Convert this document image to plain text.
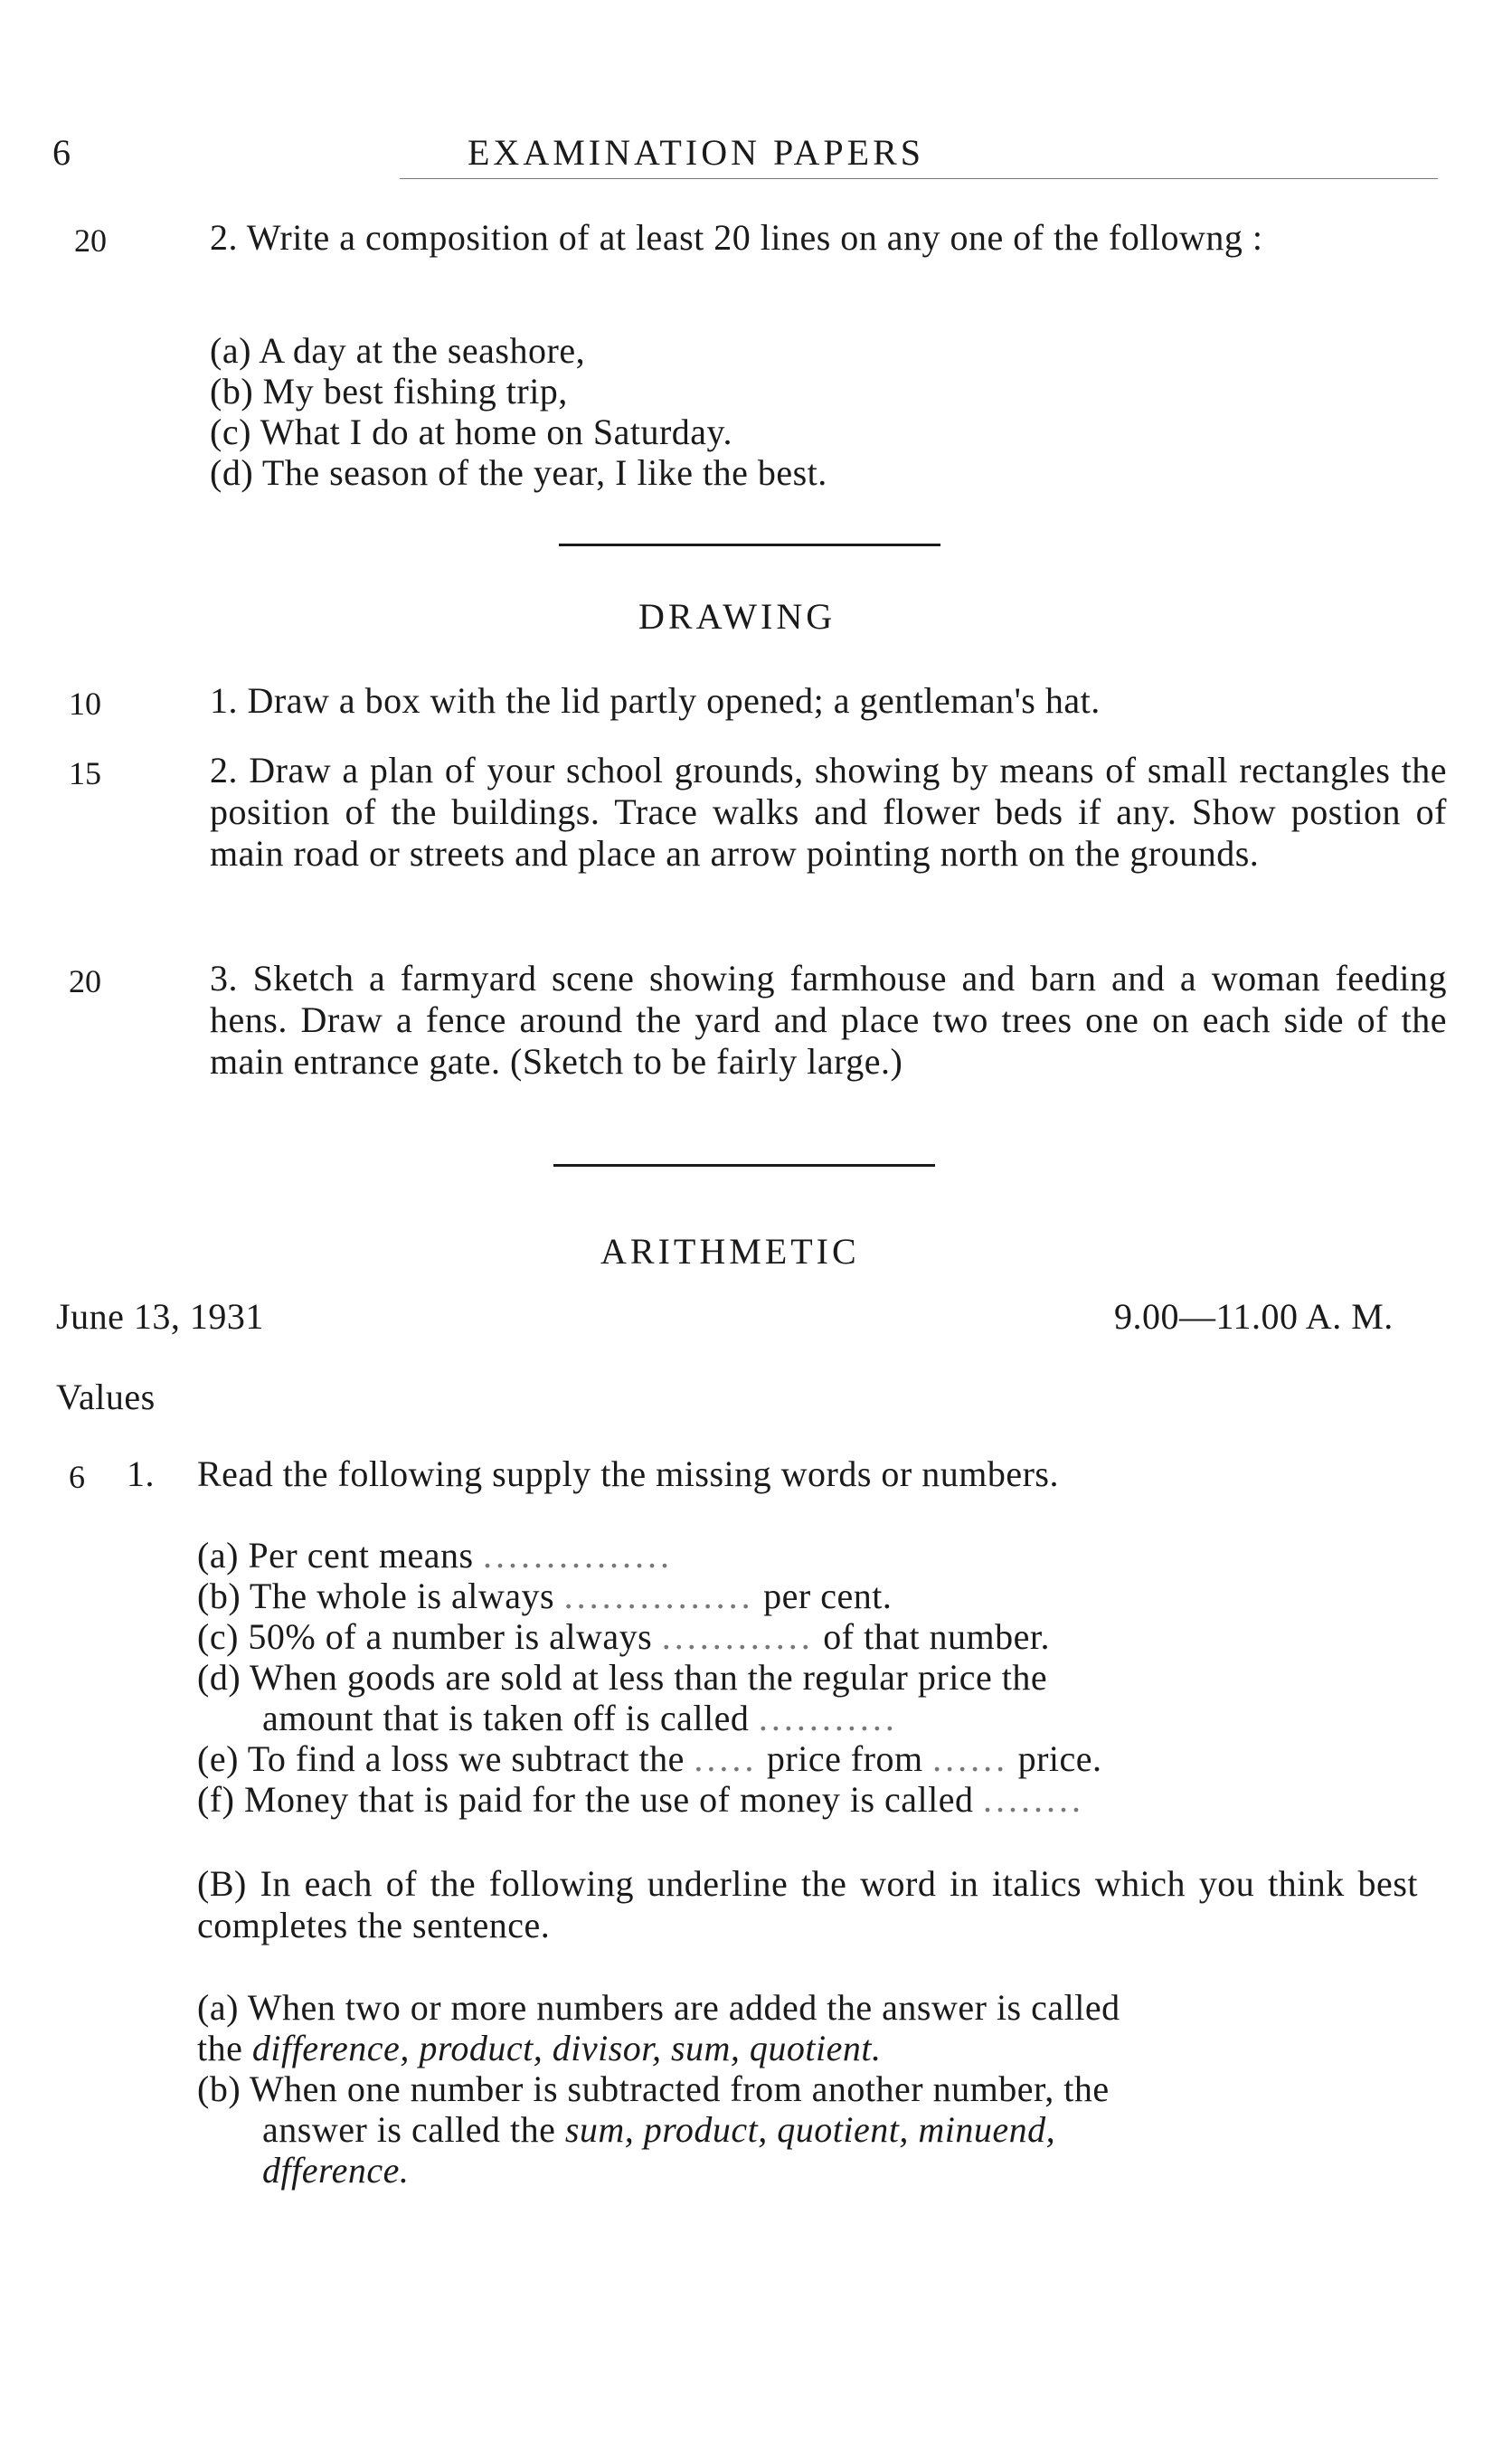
6	EXAMINATION PAPERS
20	2. Write a composition of at least 20 lines on any one of the followng :
(a) A day at the seashore,
(b) My best fishing trip,
(c) What I do at home on Saturday.
(d) The season of the year, I like the best.
DRAWING
10	1. Draw a box with the lid partly opened; a gentleman's hat.
15	2. Draw a plan of your school grounds, showing by means of small rectangles the position of the buildings. Trace walks and flower beds if any. Show postion of main road or streets and place an arrow pointing north on the grounds.
20	3. Sketch a farmyard scene showing farmhouse and barn and a woman feeding hens. Draw a fence around the yard and place two trees one on each side of the main entrance gate. (Sketch to be fairly large.)
ARITHMETIC
June 13, 1931	9.00—11.00 A. M.
Values
6 1. Read the following supply the missing words or numbers.
(a) Per cent means ...............
(b) The whole is always ............... per cent.
(c) 50% of a number is always ............ of that number.
(d) When goods are sold at less than the regular price the
amount that is taken off is called ...........
(e) To find a loss we subtract the ..... price from ...... price.
(f) Money that is paid for the use of money is called ........
(B) In each of the following underline the word in italics which you think best completes the sentence.
(a) When two or more numbers are added the answer is called
the difference, product, divisor, sum, quotient.
(b) When one number is subtracted from another number, the
answer is called the sum, product, quotient, minuend,
dfference.
